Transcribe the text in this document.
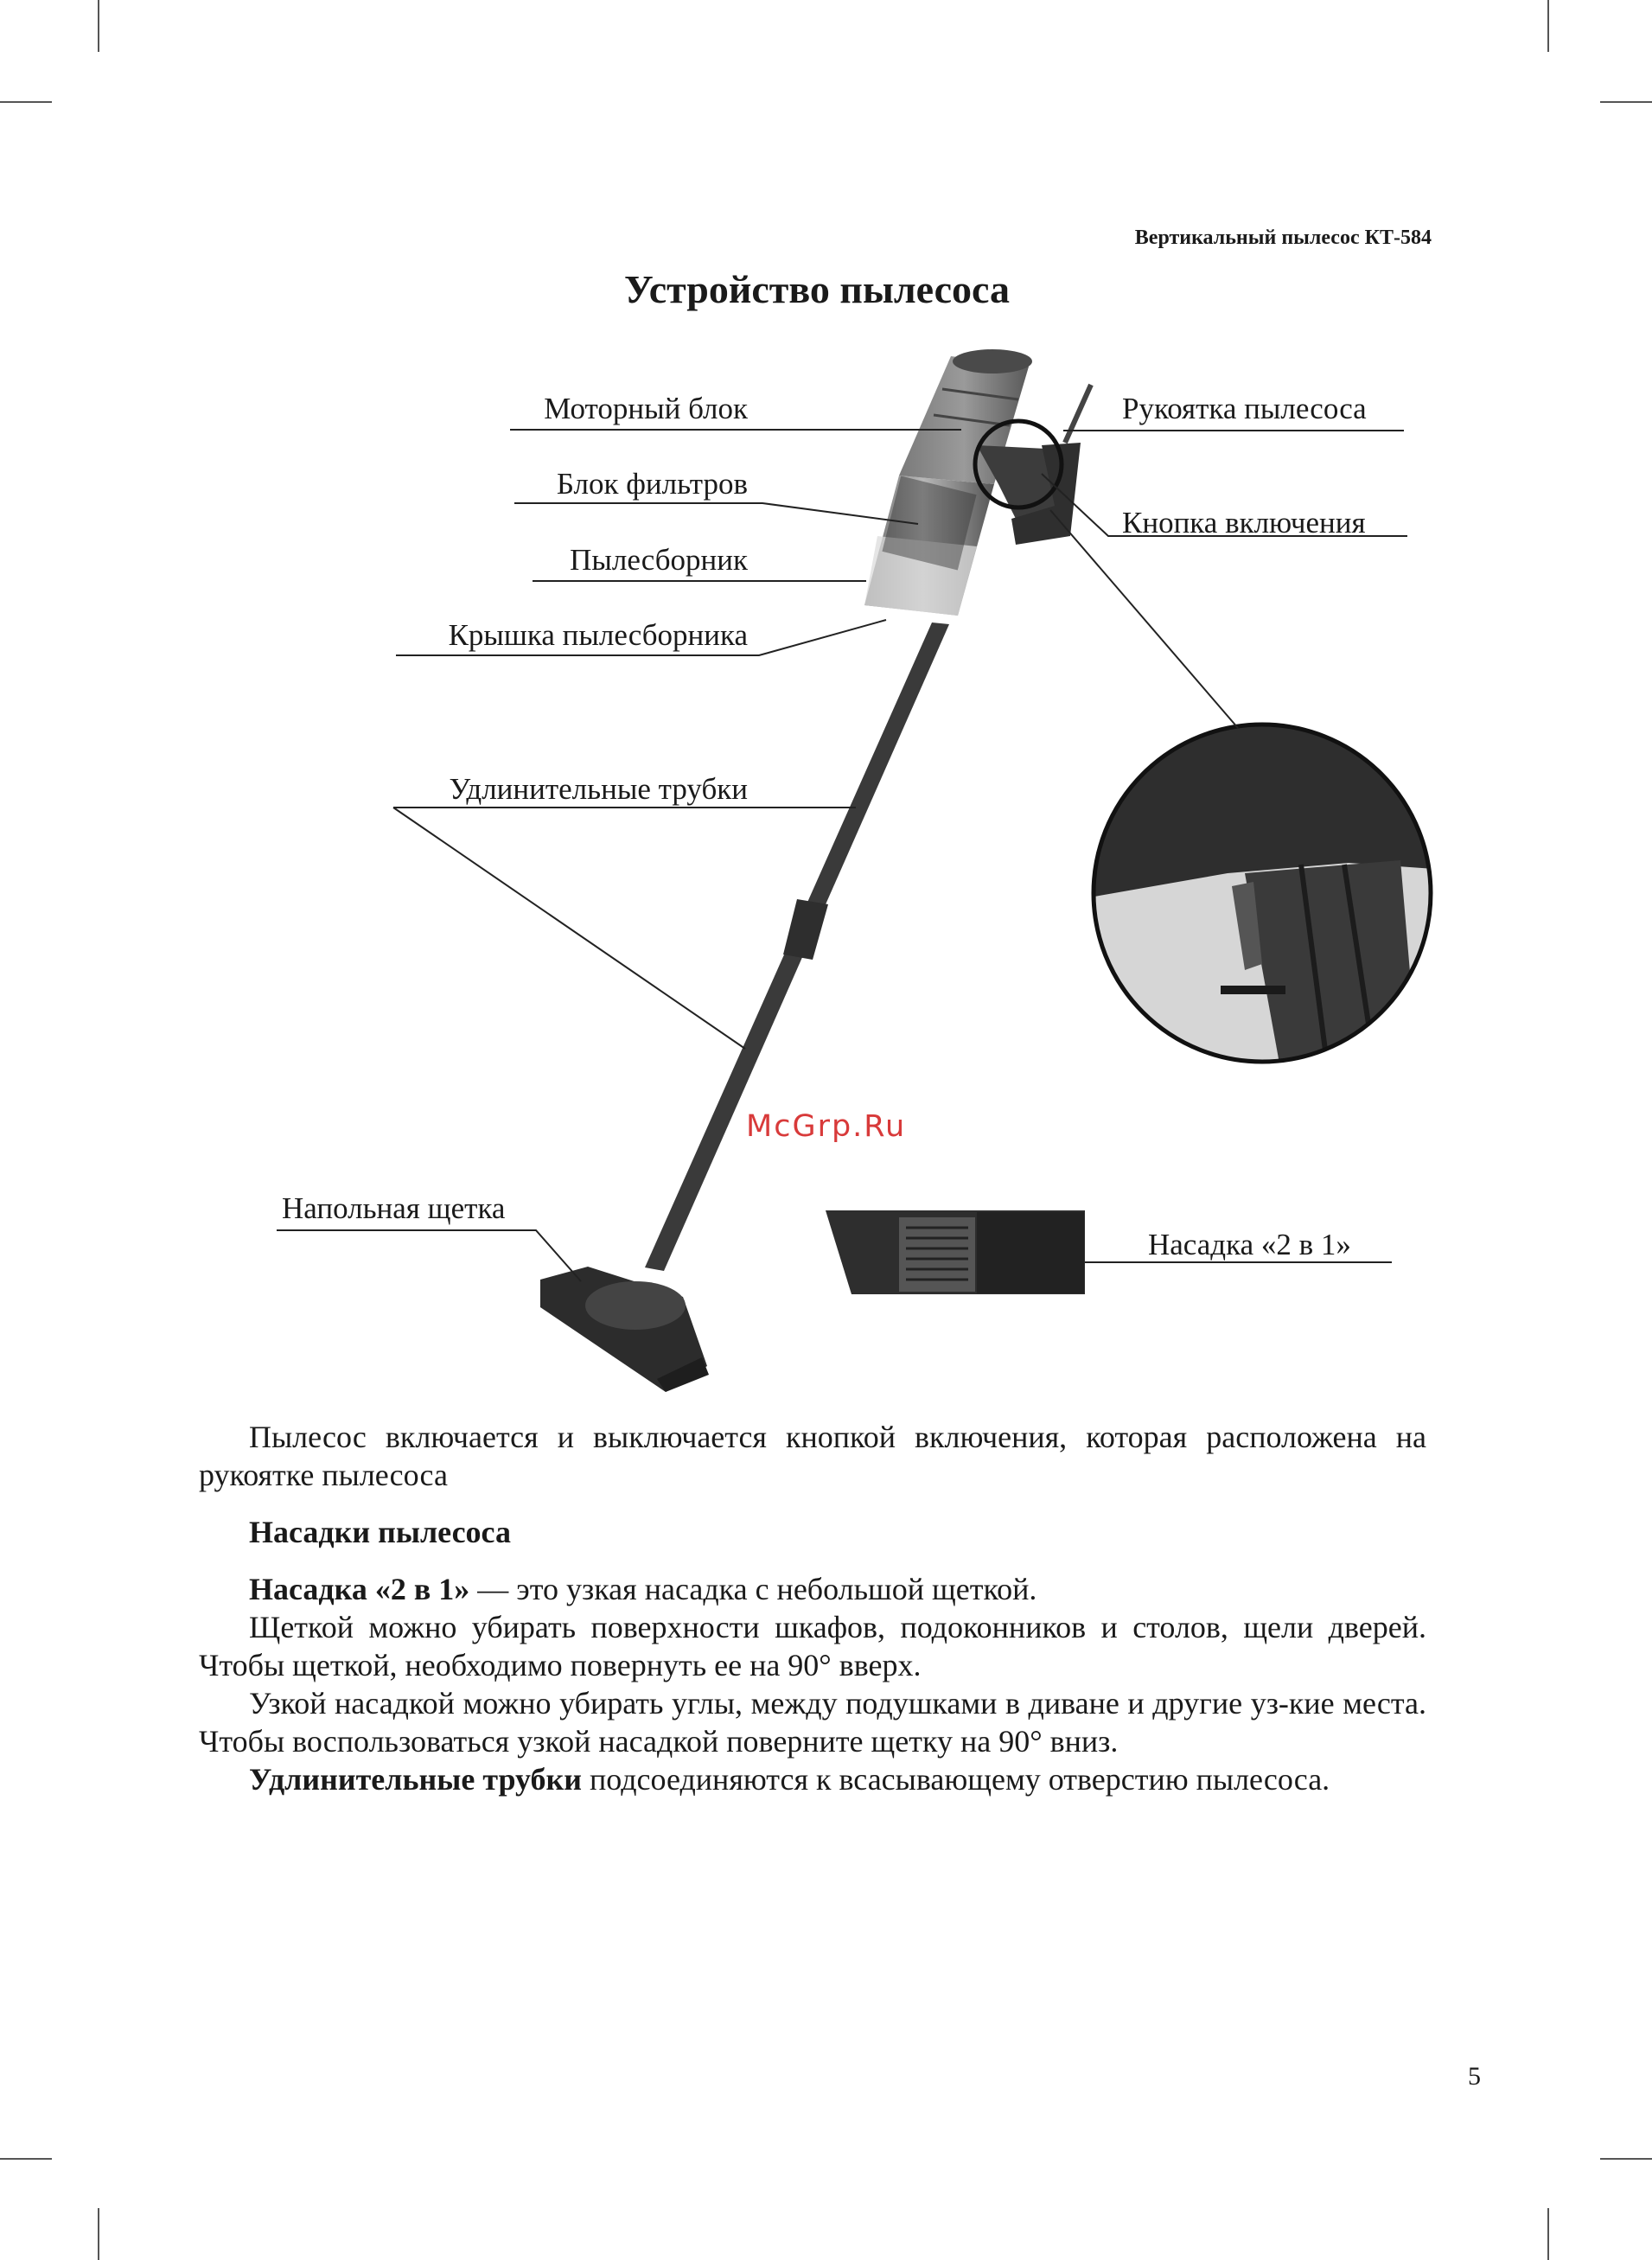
Вертикальный пылесос КТ-584
Устройство пылесоса
Моторный блок
Блок фильтров
Пылесборник
Крышка пылесборника
Удлинительные трубки
Напольная щетка
Рукоятка пылесоса
Кнопка включения
Насадка «2 в 1»
McGrp.Ru

Пылесос включается и выключается кнопкой включения, которая расположена на рукоятке пылесоса

Насадки пылесоса

Насадка «2 в 1» — это узкая насадка с небольшой щеткой.

Щеткой можно убирать поверхности шкафов, подоконников и столов, щели дверей. Чтобы щеткой, необходимо повернуть ее на 90° вверх.

Узкой насадкой можно убирать углы, между подушками в диване и другие уз-кие места. Чтобы воспользоваться узкой насадкой поверните щетку на 90° вниз.

Удлинительные трубки подсоединяются к всасывающему отверстию пылесоса.

5
